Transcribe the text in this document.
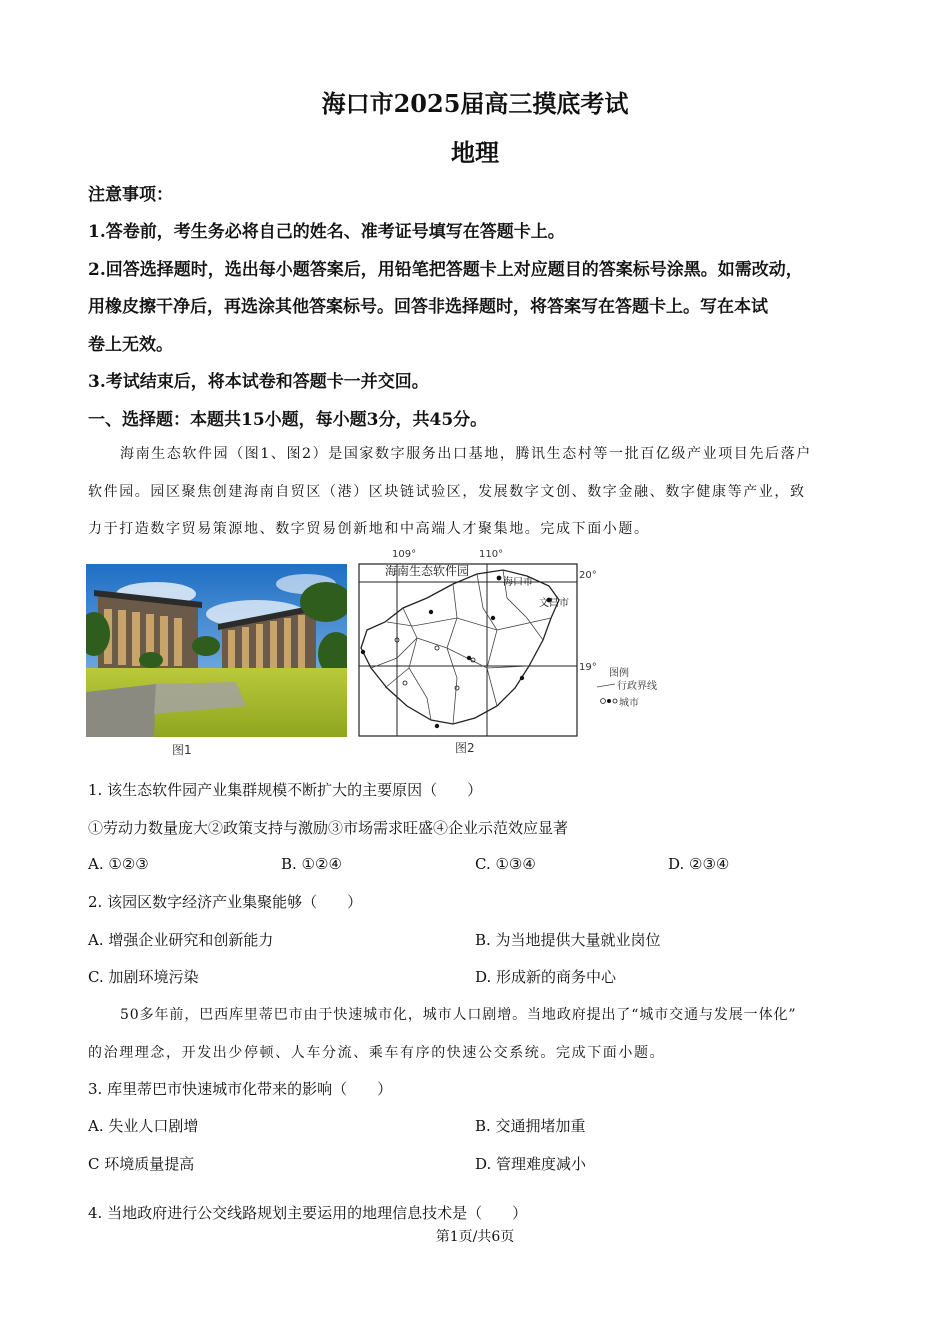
海口市2025届高三摸底考试
地理
注意事项：
1.答卷前，考生务必将自己的姓名、准考证号填写在答题卡上。
2.回答选择题时，选出每小题答案后，用铅笔把答题卡上对应题目的答案标号涂黑。如需改动，
用橡皮擦干净后，再选涂其他答案标号。回答非选择题时，将答案写在答题卡上。写在本试
卷上无效。
3.考试结束后，将本试卷和答题卡一并交回。
一、选择题：本题共15小题，每小题3分，共45分。
海南生态软件园（图1、图2）是国家数字服务出口基地，腾讯生态村等一批百亿级产业项目先后落户
软件园。园区聚焦创建海南自贸区（港）区块链试验区，发展数字文创、数字金融、数字健康等产业，致
力于打造数字贸易策源地、数字贸易创新地和中高端人才聚集地。完成下面小题。
图1
109°	110°
20°
19°
海南生态软件园
海口市
文昌市
图例
行政界线
城市
图2
1. 该生态软件园产业集群规模不断扩大的主要原因（　　）
①劳动力数量庞大②政策支持与激励③市场需求旺盛④企业示范效应显著
A. ①②③	B. ①②④	C. ①③④	D. ②③④
2. 该园区数字经济产业集聚能够（　　）
A. 增强企业研究和创新能力	B. 为当地提供大量就业岗位
C. 加剧环境污染	D. 形成新的商务中心
50多年前，巴西库里蒂巴市由于快速城市化，城市人口剧增。当地政府提出了“城市交通与发展一体化”
的治理理念，开发出少停顿、人车分流、乘车有序的快速公交系统。完成下面小题。
3. 库里蒂巴市快速城市化带来的影响（　　）
A. 失业人口剧增	B. 交通拥堵加重
C 环境质量提高	D. 管理难度减小
4. 当地政府进行公交线路规划主要运用的地理信息技术是（　　）
第1页/共6页
